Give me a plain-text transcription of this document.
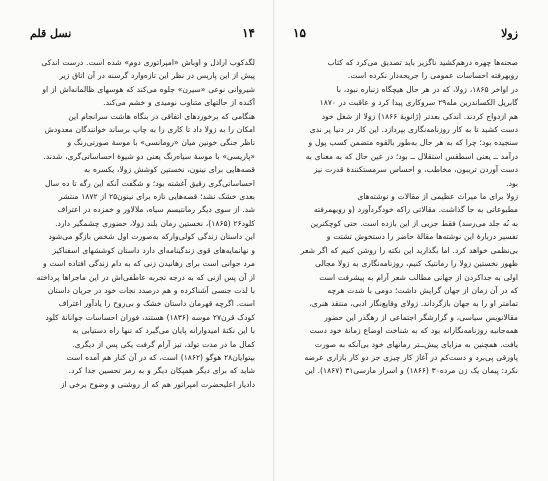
زولا
۱۵
صحنه‌ها چهره درهم‌کشید ناگزیر باید تصدیق می‌کرد که کتاب
روبهرفته احساسات عمومی را جریحه‌دار نکرده است.
در اواخر ۱۸۶۵، زولا، که در هر حال هیچگاه زنباره نبود، با
گابریل الکساندرین مله۲۹ سروکاری پیدا کرد و عاقبت در ۱۸۷۰
هم ازدواج کردند. اندکی بعدتر (ژانویهٔ ۱۸۶۶) زولا از شغل خود
دست کشید تا به کار روزنامه‌نگاری بپردازد. این کار در دنیا پر ندی
سنجیده بود؛ چرا که به هر حال به‌طور بالقوه متضمن کسب پول و
درآمد ــ یعنی اسطقس استقلال ــ بود؛ در عین حال که به معنای به
دست آوردن تریبون، مخاطب، و احساس سرمستکنندهٔ قدرت نیز
بود.
زولا برای ما میراث عظیمی از مقالات و نوشته‌های
مطبوعاتی به جا گذاشت. مقالاتی راکه خودگردآورد (و روبهمرفته
به نُه جلد می‌رسد) فقط جزیی از این بازده است. حتی کوچکترین
تفسیر دربارهٔ این نوشته‌ها مقالهٔ حاضر را دستخوش تشتت و
بی‌نظمی خواهد کرد. اما بگذارید این نکته را روشن کنیم که اگر شعر
ظهور نخستین زولا را رمانتیک کنیم، روزنامه‌نگاری به زولا مجالی
اولی به جداکردن از جهانی مطالب شعر آرام به پیشرفت است
که در آن زمان از جهان گرایش داشت؛ دومی با شدت هرچه
تمامتر او را به جهان بازگرداند. زولای وقایع‌نگار ادبی، منتقد هنری،
مقالانویس سیاسی، و گزارشگر اجتماعی از رهگذر این حضور
همه‌جانبه روزنامه‌نگارانه بود که به شناخت اوضاع زمانهٔ خود دست
یافت. همچنین به مزایای پیش‌ــتر رمانهای خود بی‌آنکه به صورت
پاورقی پی‌برد و دست‌کم در آغاز کار چیزی جز دو کار بازاری عرضه
نکرد: پیمان یک زن مرده۳۰ (۱۸۶۶) و اسرار مارسی۳۱ (۱۸۶۷). این
۱۴
نسل قلم
لگدکوب اراذل و اوباش «امپراتوری دوم» شده است. درست اندکی
پیش از این پاریس در نظر این تازه‌وارد گرسنه در آن اتاق زیر
شیروانی نوعی «سیرن» جلوه می‌کند که هوسهای ظالمانه‌اش از او
آکنده از حالتهای متناوب نومیدی و خشم می‌کند.
هنگامی که برخوردهای اتفاقی در بنگاه هاشت سرانجام این
امکان را به زولا داد تا کاری را به چاپ برساند خوانندگان معدودش
ناظر جنگی خونین میان «رومانسی» با موسهٔ صورتی‌رنگ و
«پاریسی» با موسهٔ سیاه‌رنگ یعنی دو شیوهٔ احساساتی‌گری، شدند.
قصه‌هایی برای نینون، نخستین کوشش زولا، یکسره به
احساساتی‌گری رقیق آغشته بود؛ و شگفت آنکه این رگه تا ده سال
بعدی خشک نشد؛ قصه‌هایی تازه برای نینون۲۵ از ۱۸۷۲ منتشر
شد. از سوی دیگر رمانتیسم سیاه، ملالاور و خمزده در اعتراف
کلود۲۶ (۱۸۶۵)، نخستین رمان بلند زولا، حضوری چشمگیر دارد.
این داستان زندگی کولی‌وارکه به‌صورت اول شخص بازگو می‌شود
و نهانمایه‌های قوی زندگینامه‌ای دارد داستان کوششهای اسفناکیز
مرد جوانی است برای رهانیدن زنی که به دام زندگی افتاده است و
از آن پس ازنی که به درجه تجربه عاطفی‌اش در این ماجراها پرداخته
با لذت جنسی آشناکرده و هم درصدد نجات خود در جریان داستان
است. اگرچه قهرمان داستان خشک و بی‌روح را یادآور اعتراف
کودک قرن۲۷ موسه (۱۸۳۶) هستند، فوران احساسات جوانانهٔ کلود
با این نکتهٔ امیدوارانه پایان می‌گیرد که تنها راه دستیابی به
کمال ما در مدت تولد، تیز آرام گرفت یکی پس از دیگری.
بیتوایان۲۸ هوگو (۱۸۶۲) است، که در آن کنار هم آمده است
شاید که برای دیگر همپکان دیگر و به رمز تحسین جدا کرد.
دادیار اعلیحضرت امپراتور هم که از روشنی و وضوح برخی از
